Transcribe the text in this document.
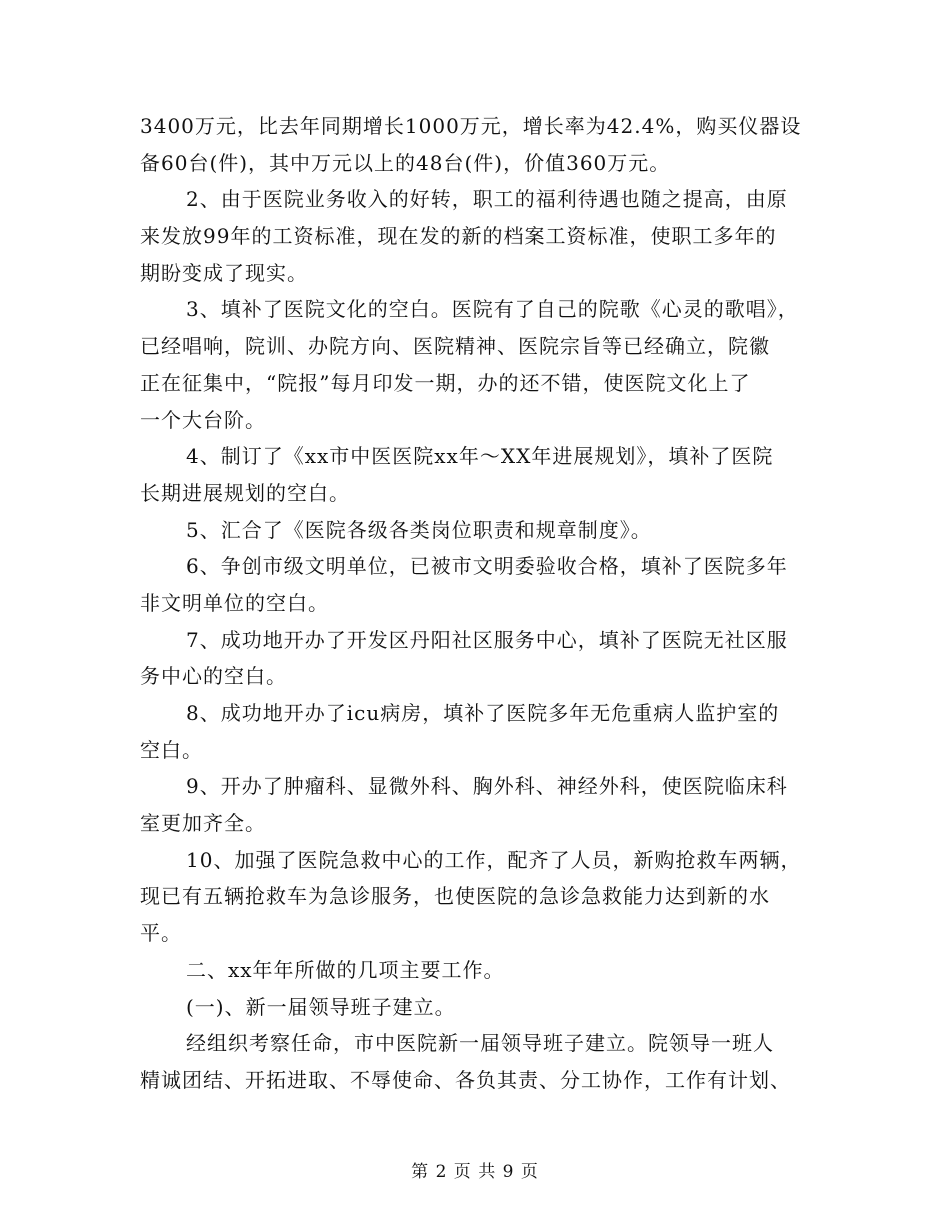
3400万元，比去年同期增长1000万元，增长率为42.4%，购买仪器设
备60台(件)，其中万元以上的48台(件)，价值360万元。
2、由于医院业务收入的好转，职工的福利待遇也随之提高，由原
来发放99年的工资标准，现在发的新的档案工资标准，使职工多年的
期盼变成了现实。
3、填补了医院文化的空白。医院有了自己的院歌《心灵的歌唱》，
已经唱响，院训、办院方向、医院精神、医院宗旨等已经确立，院徽
正在征集中，“院报”每月印发一期，办的还不错，使医院文化上了
一个大台阶。
4、制订了《xx市中医医院xx年～XX年进展规划》，填补了医院
长期进展规划的空白。
5、汇合了《医院各级各类岗位职责和规章制度》。
6、争创市级文明单位，已被市文明委验收合格，填补了医院多年
非文明单位的空白。
7、成功地开办了开发区丹阳社区服务中心，填补了医院无社区服
务中心的空白。
8、成功地开办了icu病房，填补了医院多年无危重病人监护室的
空白。
9、开办了肿瘤科、显微外科、胸外科、神经外科，使医院临床科
室更加齐全。
10、加强了医院急救中心的工作，配齐了人员，新购抢救车两辆，
现已有五辆抢救车为急诊服务，也使医院的急诊急救能力达到新的水
平。
二、xx年年所做的几项主要工作。
(一)、新一届领导班子建立。
经组织考察任命，市中医院新一届领导班子建立。院领导一班人
精诚团结、开拓进取、不辱使命、各负其责、分工协作，工作有计划、
第 2 页 共 9 页
